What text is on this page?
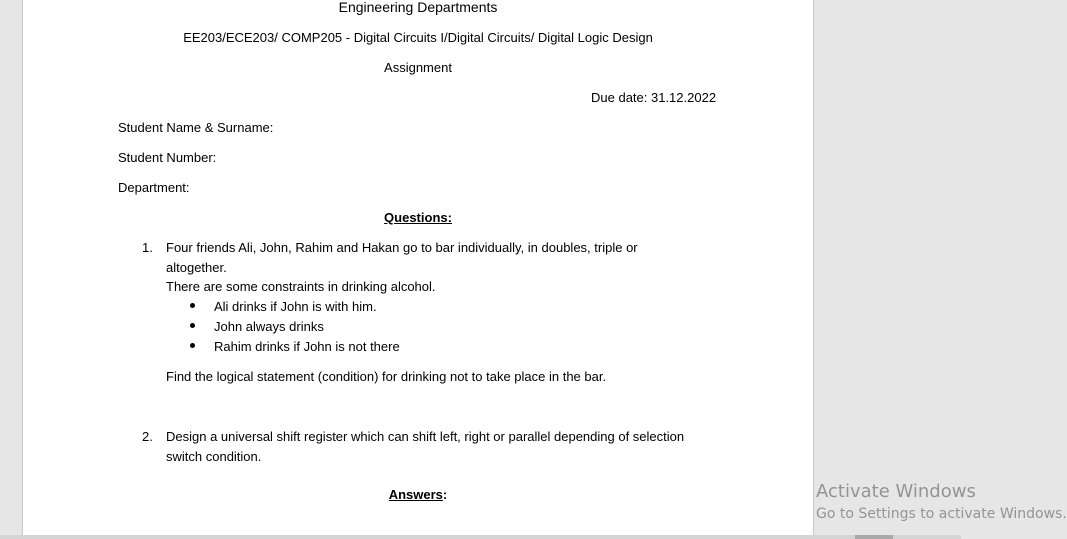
Engineering Departments
EE203/ECE203/ COMP205 - Digital Circuits I/Digital Circuits/ Digital Logic Design
Assignment
Due date: 31.12.2022
Student Name & Surname:
Student Number:
Department:
Questions:
1. Four friends Ali, John, Rahim and Hakan go to bar individually, in doubles, triple or
altogether.
There are some constraints in drinking alcohol.
Ali drinks if John is with him.
John always drinks
Rahim drinks if John is not there
Find the logical statement (condition) for drinking not to take place in the bar.
2. Design a universal shift register which can shift left, right or parallel depending of selection
switch condition.
Answers:	Activate Windows
Go to Settings to activate Windows.
